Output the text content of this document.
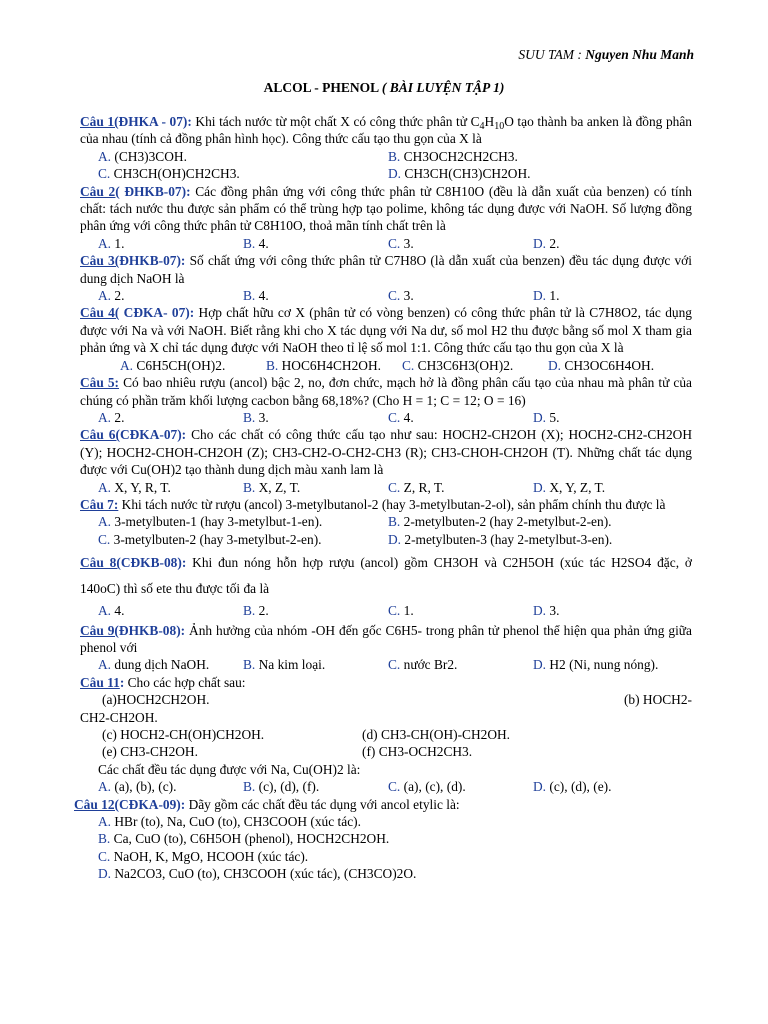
SUU TAM : Nguyen Nhu Manh
ALCOL - PHENOL ( BÀI LUYỆN TẬP 1)
Câu 1(ĐHKA - 07): Khi tách nước từ một chất X có công thức phân tử $C_4H_{10}O$ tạo thành ba anken là đồng phân của nhau (tính cả đồng phân hình học). Công thức cấu tạo thu gọn của X là
A. (CH3)3COH.	B. CH3OCH2CH2CH3.
C. CH3CH(OH)CH2CH3.	D. CH3CH(CH3)CH2OH.
Câu 2( ĐHKB-07): Các đồng phân ứng với công thức phân tử C8H10O (đều là dẫn xuất của benzen) có tính chất: tách nước thu được sản phẩm có thể trùng hợp tạo polime, không tác dụng được với NaOH. Số lượng đồng phân ứng với công thức phân tử C8H10O, thoả mãn tính chất trên là
A. 1.	B. 4.	C. 3.	D. 2.
Câu 3(ĐHKB-07): Số chất ứng với công thức phân tử C7H8O (là dẫn xuất của benzen) đều tác dụng được với dung dịch NaOH là
A. 2.	B. 4.	C. 3.	D. 1.
Câu 4( CĐKA- 07): Hợp chất hữu cơ X (phân tử có vòng benzen) có công thức phân tử là C7H8O2, tác dụng được với Na và với NaOH. Biết rằng khi cho X tác dụng với Na dư, số mol H2 thu được bằng số mol X tham gia phản ứng và X chỉ tác dụng được với NaOH theo tỉ lệ số mol 1:1. Công thức cấu tạo thu gọn của X là
A. C6H5CH(OH)2.	B. HOC6H4CH2OH.	C. CH3C6H3(OH)2.	D. CH3OC6H4OH.
Câu 5: Có bao nhiêu rượu (ancol) bậc 2, no, đơn chức, mạch hở là đồng phân cấu tạo của nhau mà phân tử của chúng có phần trăm khối lượng cacbon bằng 68,18%? (Cho H = 1; C = 12; O = 16)
A. 2.	B. 3.	C. 4.	D. 5.
Câu 6(CĐKA-07): Cho các chất có công thức cấu tạo như sau: HOCH2-CH2OH (X); HOCH2-CH2-CH2OH (Y); HOCH2-CHOH-CH2OH (Z); CH3-CH2-O-CH2-CH3 (R); CH3-CHOH-CH2OH (T). Những chất tác dụng được với Cu(OH)2 tạo thành dung dịch màu xanh lam là
A. X, Y, R, T.	B. X, Z, T.	C. Z, R, T.	D. X, Y, Z, T.
Câu 7: Khi tách nước từ rượu (ancol) 3-metylbutanol-2 (hay 3-metylbutan-2-ol), sản phẩm chính thu được là
A. 3-metylbuten-1 (hay 3-metylbut-1-en).	B. 2-metylbuten-2 (hay 2-metylbut-2-en).
C. 3-metylbuten-2 (hay 3-metylbut-2-en).	D. 2-metylbuten-3 (hay 2-metylbut-3-en).
Câu 8(CĐKB-08): Khi đun nóng hỗn hợp rượu (ancol) gồm CH3OH và C2H5OH (xúc tác H2SO4 đặc, ở 140oC) thì số ete thu được tối đa là
A. 4.	B. 2.	C. 1.	D. 3.
Câu 9(ĐHKB-08): Ảnh hưởng của nhóm -OH đến gốc C6H5- trong phân tử phenol thể hiện qua phản ứng giữa phenol với
A. dung dịch NaOH.	B. Na kim loại.	C. nước Br2.	D. H2 (Ni, nung nóng).
Câu 11: Cho các hợp chất sau:
(a)HOCH2CH2OH.	(b) HOCH2-
CH2-CH2OH.
(c) HOCH2-CH(OH)CH2OH.	(d) CH3-CH(OH)-CH2OH.
(e) CH3-CH2OH.	(f) CH3-OCH2CH3.
Các chất đều tác dụng được với Na, Cu(OH)2 là:
A. (a), (b), (c).	B. (c), (d), (f).	C. (a), (c), (d).	D. (c), (d), (e).
Câu 12(CĐKA-09): Dãy gồm các chất đều tác dụng với ancol etylic là:
A. HBr (to), Na, CuO (to), CH3COOH (xúc tác).
B. Ca, CuO (to), C6H5OH (phenol), HOCH2CH2OH.
C. NaOH, K, MgO, HCOOH (xúc tác).
D. Na2CO3, CuO (to), CH3COOH (xúc tác), (CH3CO)2O.
